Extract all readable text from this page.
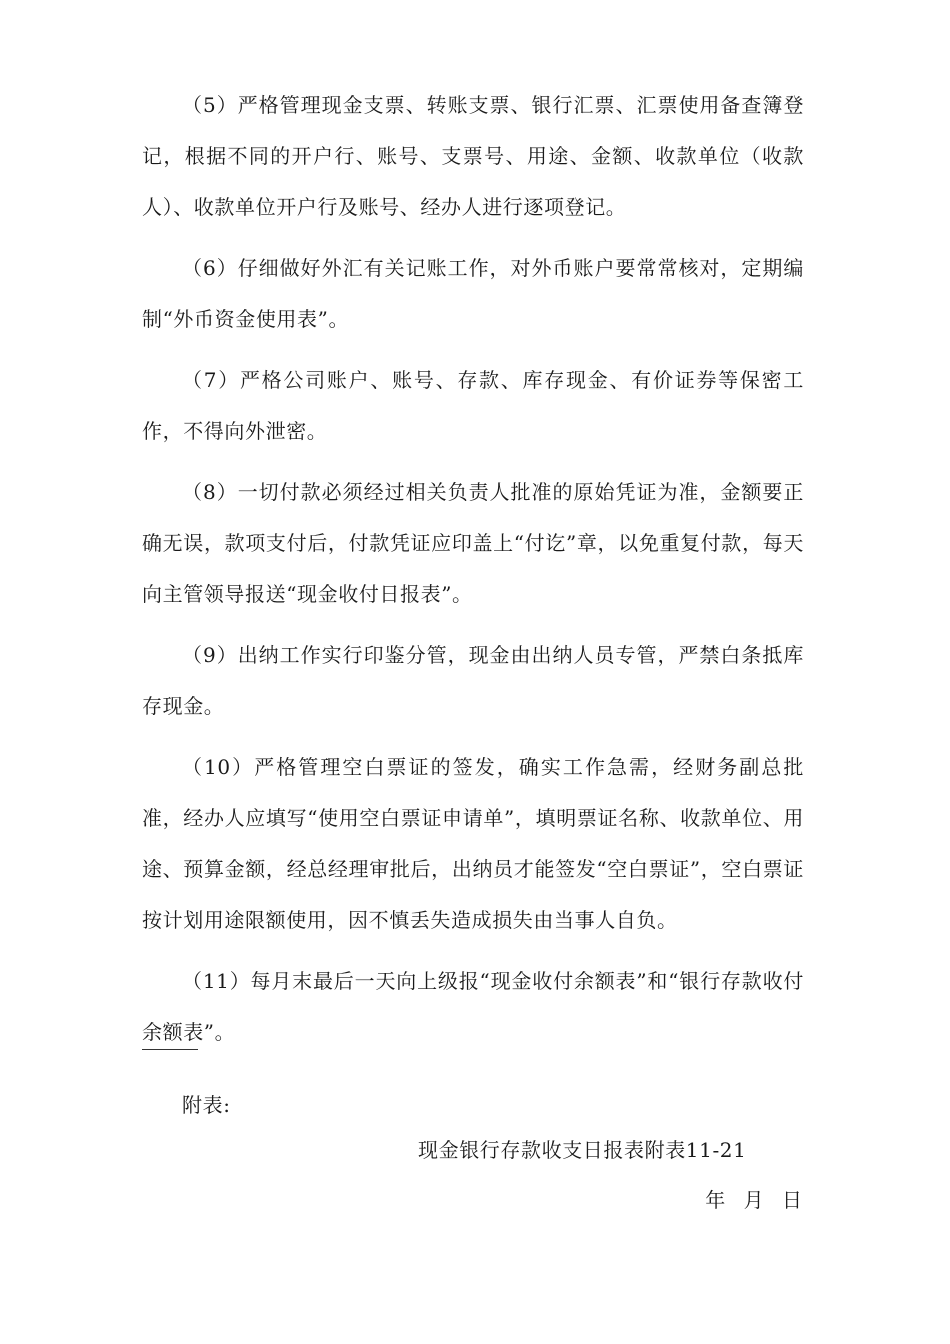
（5）严格管理现金支票、转账支票、银行汇票、汇票使用备查簿登记，根据不同的开户行、账号、支票号、用途、金额、收款单位（收款人）、收款单位开户行及账号、经办人进行逐项登记。

（6）仔细做好外汇有关记账工作，对外币账户要常常核对，定期编制“外币资金使用表”。

（7）严格公司账户、账号、存款、库存现金、有价证券等保密工作，不得向外泄密。

（8）一切付款必须经过相关负责人批准的原始凭证为准，金额要正确无误，款项支付后，付款凭证应印盖上“付讫”章，以免重复付款，每天向主管领导报送“现金收付日报表”。

（9）出纳工作实行印鉴分管，现金由出纳人员专管，严禁白条抵库存现金。

（10）严格管理空白票证的签发，确实工作急需，经财务副总批准，经办人应填写“使用空白票证申请单”，填明票证名称、收款单位、用途、预算金额，经总经理审批后，出纳员才能签发“空白票证”，空白票证按计划用途限额使用，因不慎丢失造成损失由当事人自负。

（11）每月末最后一天向上级报“现金收付余额表”和“银行存款收付余额表”。

附表:
现金银行存款收支日报表附表11-21
年 月 日
